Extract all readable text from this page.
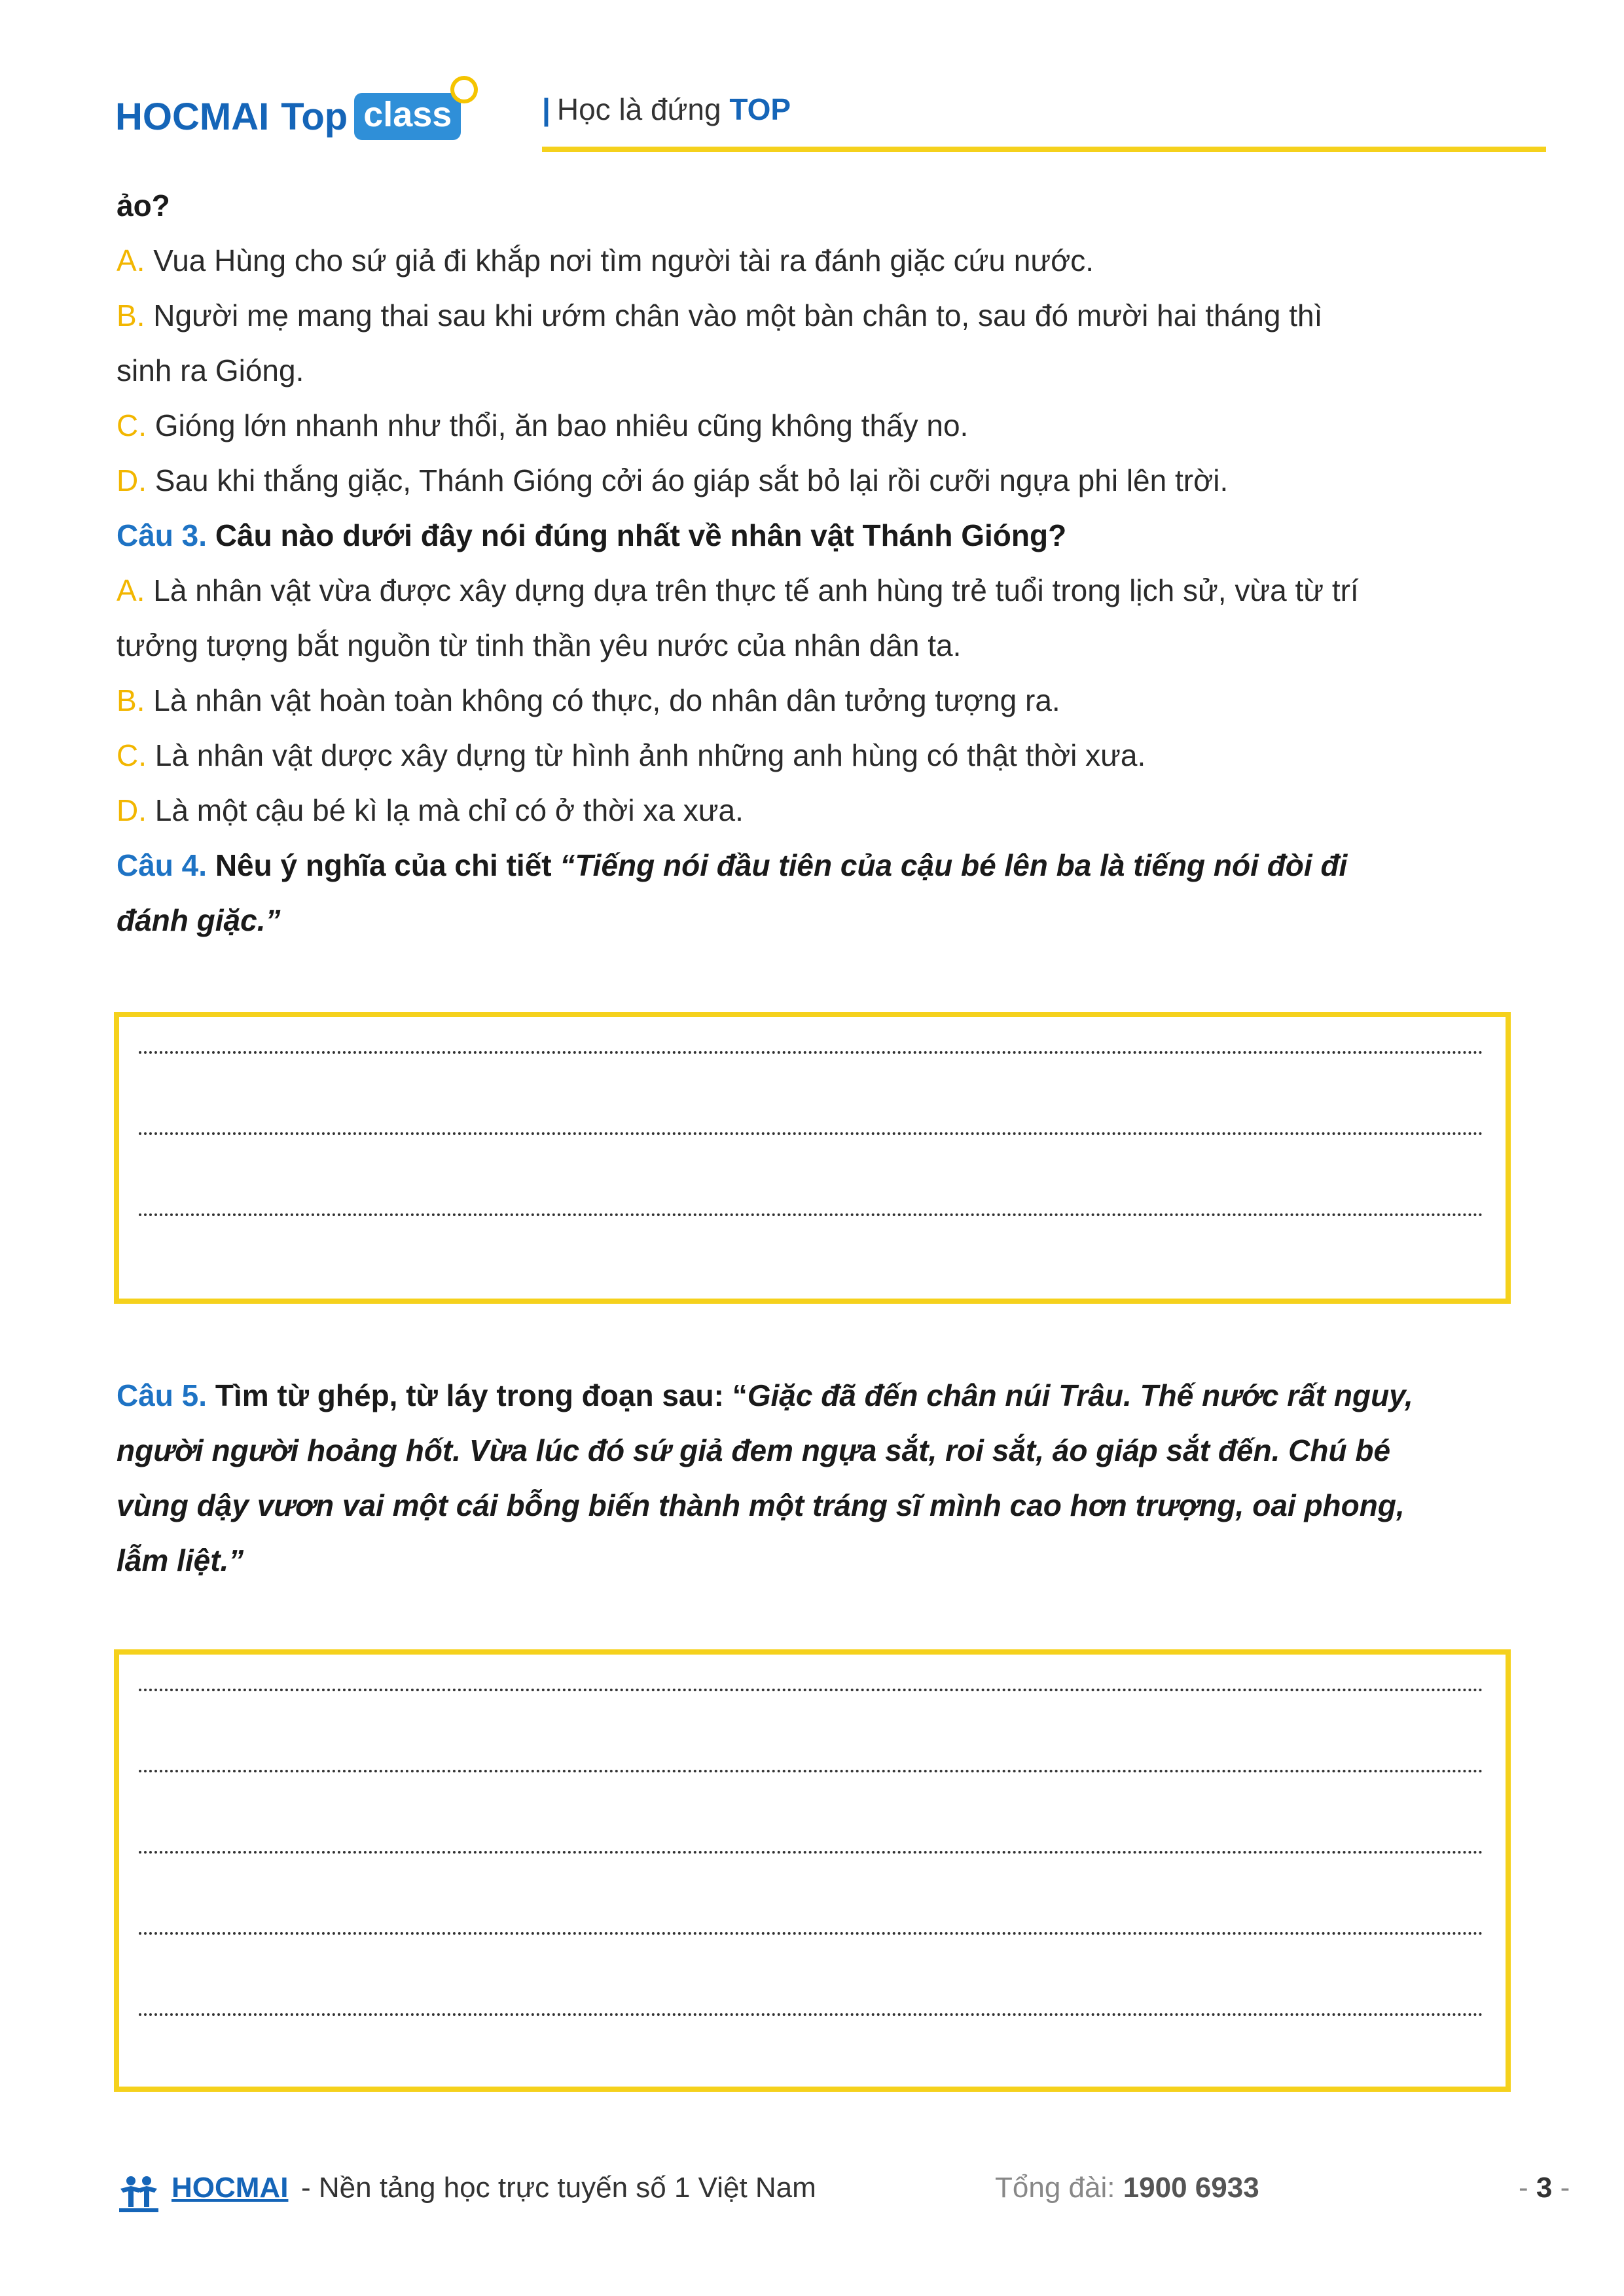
HOCMAI Top class	| Học là đứng TOP
ảo?
A. Vua Hùng cho sứ giả đi khắp nơi tìm người tài ra đánh giặc cứu nước.
B. Người mẹ mang thai sau khi ướm chân vào một bàn chân to, sau đó mười hai tháng thì
sinh ra Gióng.
C. Gióng lớn nhanh như thổi, ăn bao nhiêu cũng không thấy no.
D. Sau khi thắng giặc, Thánh Gióng cởi áo giáp sắt bỏ lại rồi cưỡi ngựa phi lên trời.
Câu 3. Câu nào dưới đây nói đúng nhất về nhân vật Thánh Gióng?
A. Là nhân vật vừa được xây dựng dựa trên thực tế anh hùng trẻ tuổi trong lịch sử, vừa từ trí
tưởng tượng bắt nguồn từ tinh thần yêu nước của nhân dân ta.
B. Là nhân vật hoàn toàn không có thực, do nhân dân tưởng tượng ra.
C. Là nhân vật dược xây dựng từ hình ảnh những anh hùng có thật thời xưa.
D. Là một cậu bé kì lạ mà chỉ có ở thời xa xưa.
Câu 4. Nêu ý nghĩa của chi tiết “Tiếng nói đầu tiên của cậu bé lên ba là tiếng nói đòi đi
đánh giặc.”
Câu 5. Tìm từ ghép, từ láy trong đoạn sau: “Giặc đã đến chân núi Trâu. Thế nước rất nguy,
người người hoảng hốt. Vừa lúc đó sứ giả đem ngựa sắt, roi sắt, áo giáp sắt đến. Chú bé
vùng dậy vươn vai một cái bỗng biến thành một tráng sĩ mình cao hơn trượng, oai phong,
lẫm liệt.”
HOCMAI - Nền tảng học trực tuyến số 1 Việt Nam	Tổng đài: 1900 6933	- 3 -
